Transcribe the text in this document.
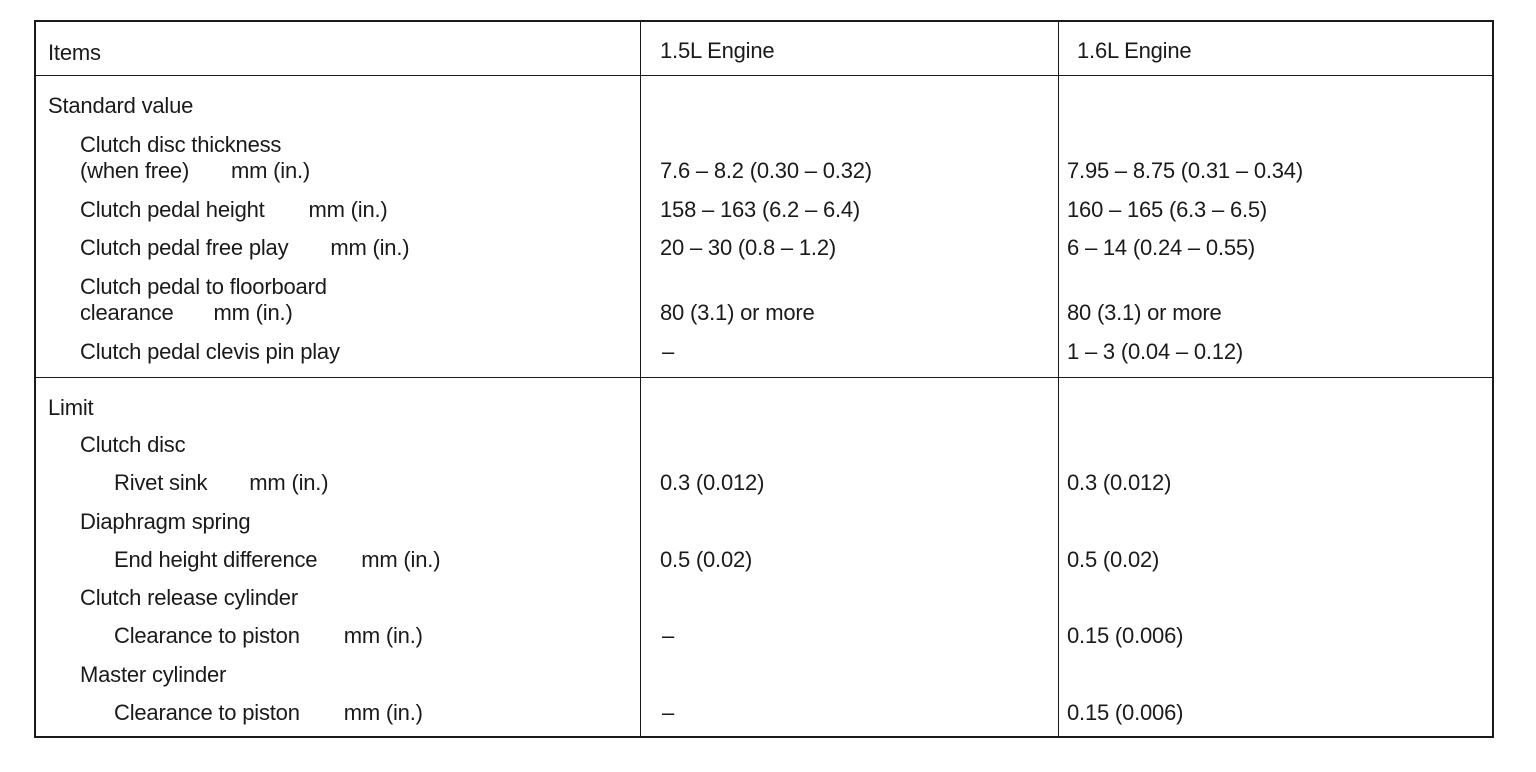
Items	1.5L Engine	1.6L Engine
Standard value
Clutch disc thickness
(when free) mm (in.)	7.6 – 8.2 (0.30 – 0.32)	7.95 – 8.75 (0.31 – 0.34)
Clutch pedal height mm (in.)	158 – 163 (6.2 – 6.4)	160 – 165 (6.3 – 6.5)
Clutch pedal free play mm (in.)	20 – 30 (0.8 – 1.2)	6 – 14 (0.24 – 0.55)
Clutch pedal to floorboard
clearance mm (in.)	80 (3.1) or more	80 (3.1) or more
Clutch pedal clevis pin play	–	1 – 3 (0.04 – 0.12)
Limit
Clutch disc
Rivet sink mm (in.)	0.3 (0.012)	0.3 (0.012)
Diaphragm spring
End height difference mm (in.)	0.5 (0.02)	0.5 (0.02)
Clutch release cylinder
Clearance to piston mm (in.)	–	0.15 (0.006)
Master cylinder
Clearance to piston mm (in.)	–	0.15 (0.006)
